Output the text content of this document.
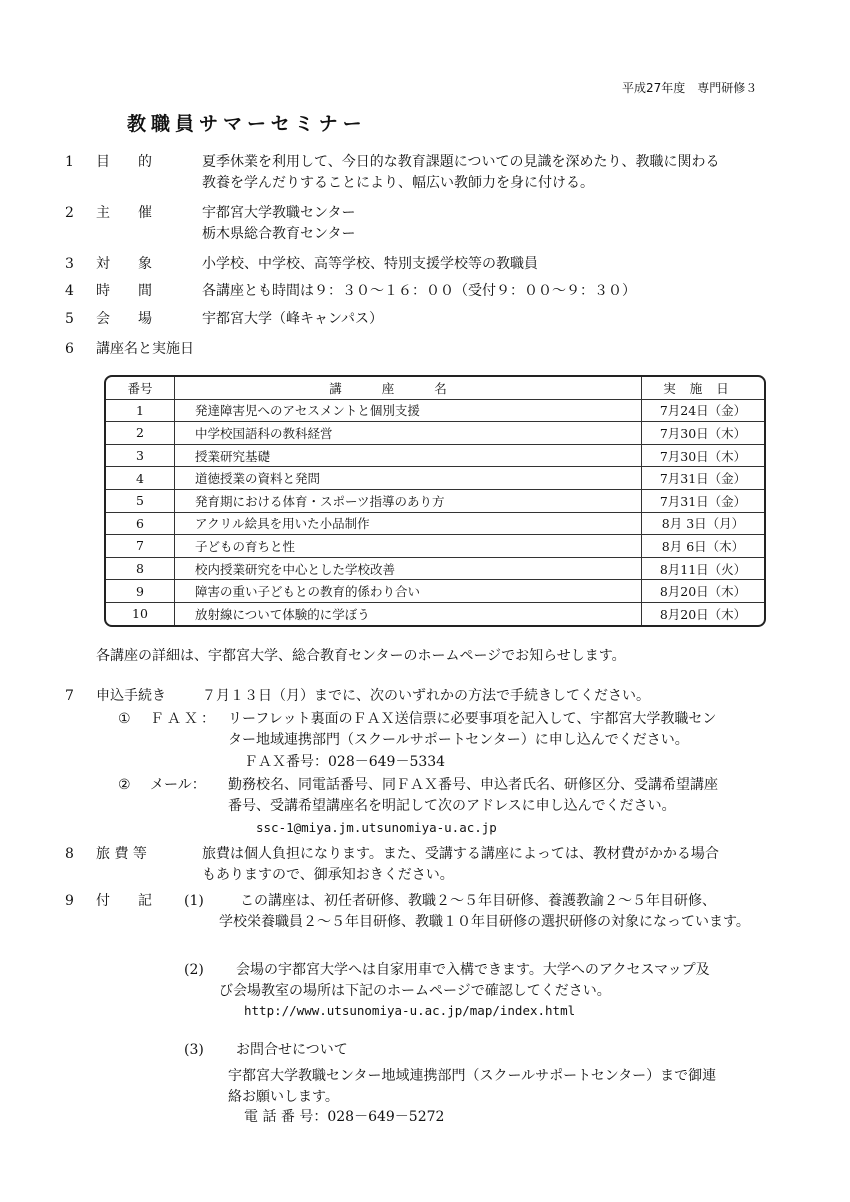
平成27年度　専門研修３
教職員サマーセミナー
1 目　　的	夏季休業を利用して、今日的な教育課題についての見識を深めたり、教職に関わる
教養を学んだりすることにより、幅広い教師力を身に付ける。
2 主　　催	宇都宮大学教職センター
栃木県総合教育センター
3 対　　象	小学校、中学校、高等学校、特別支援学校等の教職員
4 時　　間	各講座とも時間は９：３０～１６：００（受付９：００～９：３０）
5 会　　場	宇都宮大学（峰キャンパス）
6 講座名と実施日
番号	講座名	実施日
1	発達障害児へのアセスメントと個別支援	7月24日（金）
2	中学校国語科の教科経営	7月30日（木）
3	授業研究基礎	7月30日（木）
4	道徳授業の資料と発問	7月31日（金）
5	発育期における体育・スポーツ指導のあり方	7月31日（金）
6	アクリル絵具を用いた小品制作	8月 3日（月）
7	子どもの育ちと性	8月 6日（木）
8	校内授業研究を中心とした学校改善	8月11日（火）
9	障害の重い子どもとの教育的係わり合い	8月20日（木）
10	放射線について体験的に学ぼう	8月20日（木）
各講座の詳細は、宇都宮大学、総合教育センターのホームページでお知らせします。
7 申込手続き	７月１３日（月）までに、次のいずれかの方法で手続きしてください。
① ＦＡＸ： リーフレット裏面のＦＡＸ送信票に必要事項を記入して、宇都宮大学教職セン
ター地域連携部門（スクールサポートセンター）に申し込んでください。
ＦＡＸ番号：028－649－5334
② メール： 勤務校名、同電話番号、同ＦＡＸ番号、申込者氏名、研修区分、受講希望講座
番号、受講希望講座名を明記して次のアドレスに申し込んでください。
ssc-1@miya.jm.utsunomiya-u.ac.jp
8 旅 費 等	旅費は個人負担になります。また、受講する講座によっては、教材費がかかる場合
もありますので、御承知おきください。
9 付　　記 (1)	この講座は、初任者研修、教職２～５年目研修、養護教諭２～５年目研修、
学校栄養職員２～５年目研修、教職１０年目研修の選択研修の対象になっています。
(2) 会場の宇都宮大学へは自家用車で入構できます。大学へのアクセスマップ及
び会場教室の場所は下記のホームページで確認してください。
http://www.utsunomiya-u.ac.jp/map/index.html
(3) お問合せについて
宇都宮大学教職センター地域連携部門（スクールサポートセンター）まで御連
絡お願いします。
電 話 番 号：028－649－5272
